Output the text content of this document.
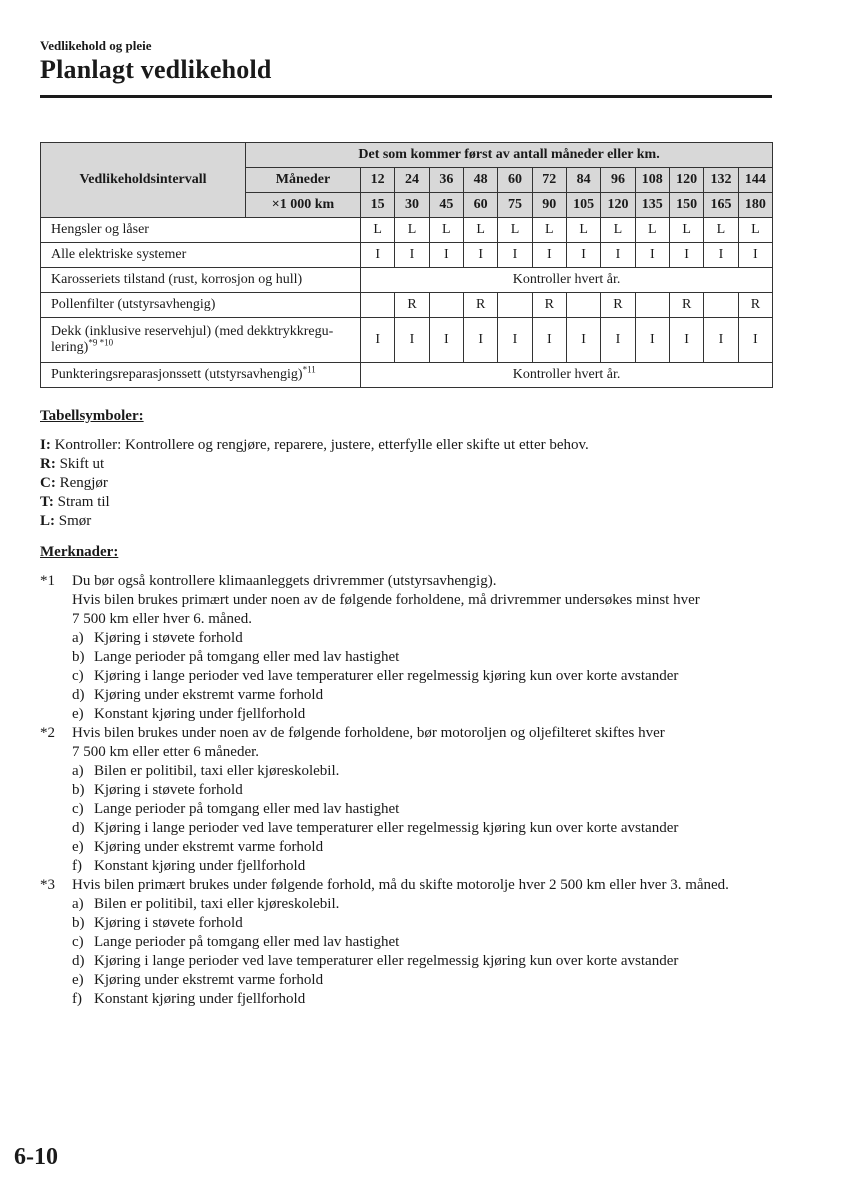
Vedlikehold og pleie
Planlagt vedlikehold
Vedlikeholdsintervall	Det som kommer først av antall måneder eller km.												
	Måneder	12	24	36	48	60	72	84	96	108	120	132	144
	×1 000 km	15	30	45	60	75	90	105	120	135	150	165	180
Hengsler og låser		L	L	L	L	L	L	L	L	L	L	L	L
Alle elektriske systemer		I	I	I	I	I	I	I	I	I	I	I	I
Karosseriets tilstand (rust, korrosjon og hull)		Kontroller hvert år.											
Pollenfilter (utstyrsavhengig)			R		R		R		R		R		R
Dekk (inklusive reservehjul) (med dekktrykkregu-
lering)$^{*9 *10}$		I	I	I	I	I	I	I	I	I	I	I	I
Punkteringsreparasjonssett (utstyrsavhengig)$^{*11}$		Kontroller hvert år.											
Tabellsymboler:
I: Kontroller: Kontrollere og rengjøre, reparere, justere, etterfylle eller skifte ut etter behov.
R: Skift ut
C: Rengjør
T: Stram til
L: Smør
Merknader:
*1 Du bør også kontrollere klimaanleggets drivremmer (utstyrsavhengig).
Hvis bilen brukes primært under noen av de følgende forholdene, må drivremmer undersøkes minst hver
7 500 km eller hver 6. måned.
a) Kjøring i støvete forhold
b) Lange perioder på tomgang eller med lav hastighet
c) Kjøring i lange perioder ved lave temperaturer eller regelmessig kjøring kun over korte avstander
d) Kjøring under ekstremt varme forhold
e) Konstant kjøring under fjellforhold
*2 Hvis bilen brukes under noen av de følgende forholdene, bør motoroljen og oljefilteret skiftes hver
7 500 km eller etter 6 måneder.
a) Bilen er politibil, taxi eller kjøreskolebil.
b) Kjøring i støvete forhold
c) Lange perioder på tomgang eller med lav hastighet
d) Kjøring i lange perioder ved lave temperaturer eller regelmessig kjøring kun over korte avstander
e) Kjøring under ekstremt varme forhold
f) Konstant kjøring under fjellforhold
*3 Hvis bilen primært brukes under følgende forhold, må du skifte motorolje hver 2 500 km eller hver 3. måned.
a) Bilen er politibil, taxi eller kjøreskolebil.
b) Kjøring i støvete forhold
c) Lange perioder på tomgang eller med lav hastighet
d) Kjøring i lange perioder ved lave temperaturer eller regelmessig kjøring kun over korte avstander
e) Kjøring under ekstremt varme forhold
f) Konstant kjøring under fjellforhold
6-10
